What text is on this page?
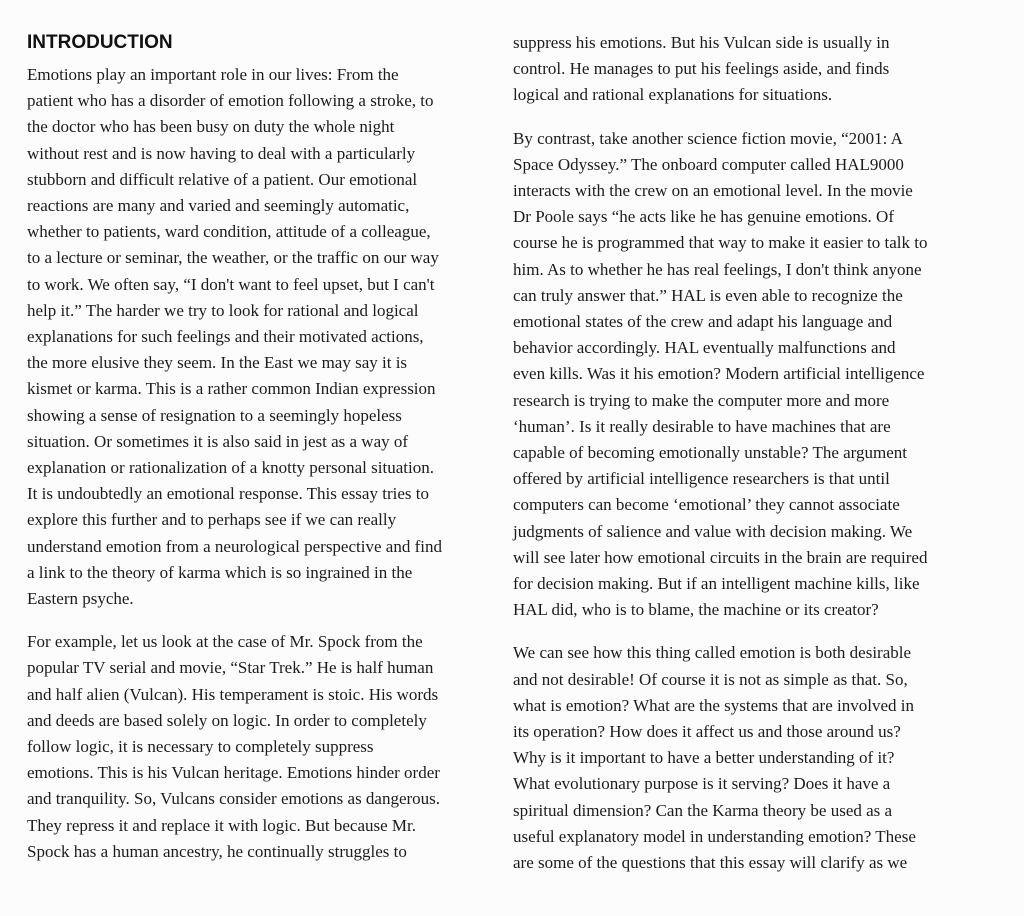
INTRODUCTION
Emotions play an important role in our lives: From the
patient who has a disorder of emotion following a stroke, to
the doctor who has been busy on duty the whole night
without rest and is now having to deal with a particularly
stubborn and difficult relative of a patient. Our emotional
reactions are many and varied and seemingly automatic,
whether to patients, ward condition, attitude of a colleague,
to a lecture or seminar, the weather, or the traffic on our way
to work. We often say, “I don't want to feel upset, but I can't
help it.” The harder we try to look for rational and logical
explanations for such feelings and their motivated actions,
the more elusive they seem. In the East we may say it is
kismet or karma. This is a rather common Indian expression
showing a sense of resignation to a seemingly hopeless
situation. Or sometimes it is also said in jest as a way of
explanation or rationalization of a knotty personal situation.
It is undoubtedly an emotional response. This essay tries to
explore this further and to perhaps see if we can really
understand emotion from a neurological perspective and find
a link to the theory of karma which is so ingrained in the
Eastern psyche.
For example, let us look at the case of Mr. Spock from the
popular TV serial and movie, “Star Trek.” He is half human
and half alien (Vulcan). His temperament is stoic. His words
and deeds are based solely on logic. In order to completely
follow logic, it is necessary to completely suppress
emotions. This is his Vulcan heritage. Emotions hinder order
and tranquility. So, Vulcans consider emotions as dangerous.
They repress it and replace it with logic. But because Mr.
Spock has a human ancestry, he continually struggles to
suppress his emotions. But his Vulcan side is usually in
control. He manages to put his feelings aside, and finds
logical and rational explanations for situations.
By contrast, take another science fiction movie, “2001: A
Space Odyssey.” The onboard computer called HAL9000
interacts with the crew on an emotional level. In the movie
Dr Poole says “he acts like he has genuine emotions. Of
course he is programmed that way to make it easier to talk to
him. As to whether he has real feelings, I don't think anyone
can truly answer that.” HAL is even able to recognize the
emotional states of the crew and adapt his language and
behavior accordingly. HAL eventually malfunctions and
even kills. Was it his emotion? Modern artificial intelligence
research is trying to make the computer more and more
‘human’. Is it really desirable to have machines that are
capable of becoming emotionally unstable? The argument
offered by artificial intelligence researchers is that until
computers can become ‘emotional’ they cannot associate
judgments of salience and value with decision making. We
will see later how emotional circuits in the brain are required
for decision making. But if an intelligent machine kills, like
HAL did, who is to blame, the machine or its creator?
We can see how this thing called emotion is both desirable
and not desirable! Of course it is not as simple as that. So,
what is emotion? What are the systems that are involved in
its operation? How does it affect us and those around us?
Why is it important to have a better understanding of it?
What evolutionary purpose is it serving? Does it have a
spiritual dimension? Can the Karma theory be used as a
useful explanatory model in understanding emotion? These
are some of the questions that this essay will clarify as we
